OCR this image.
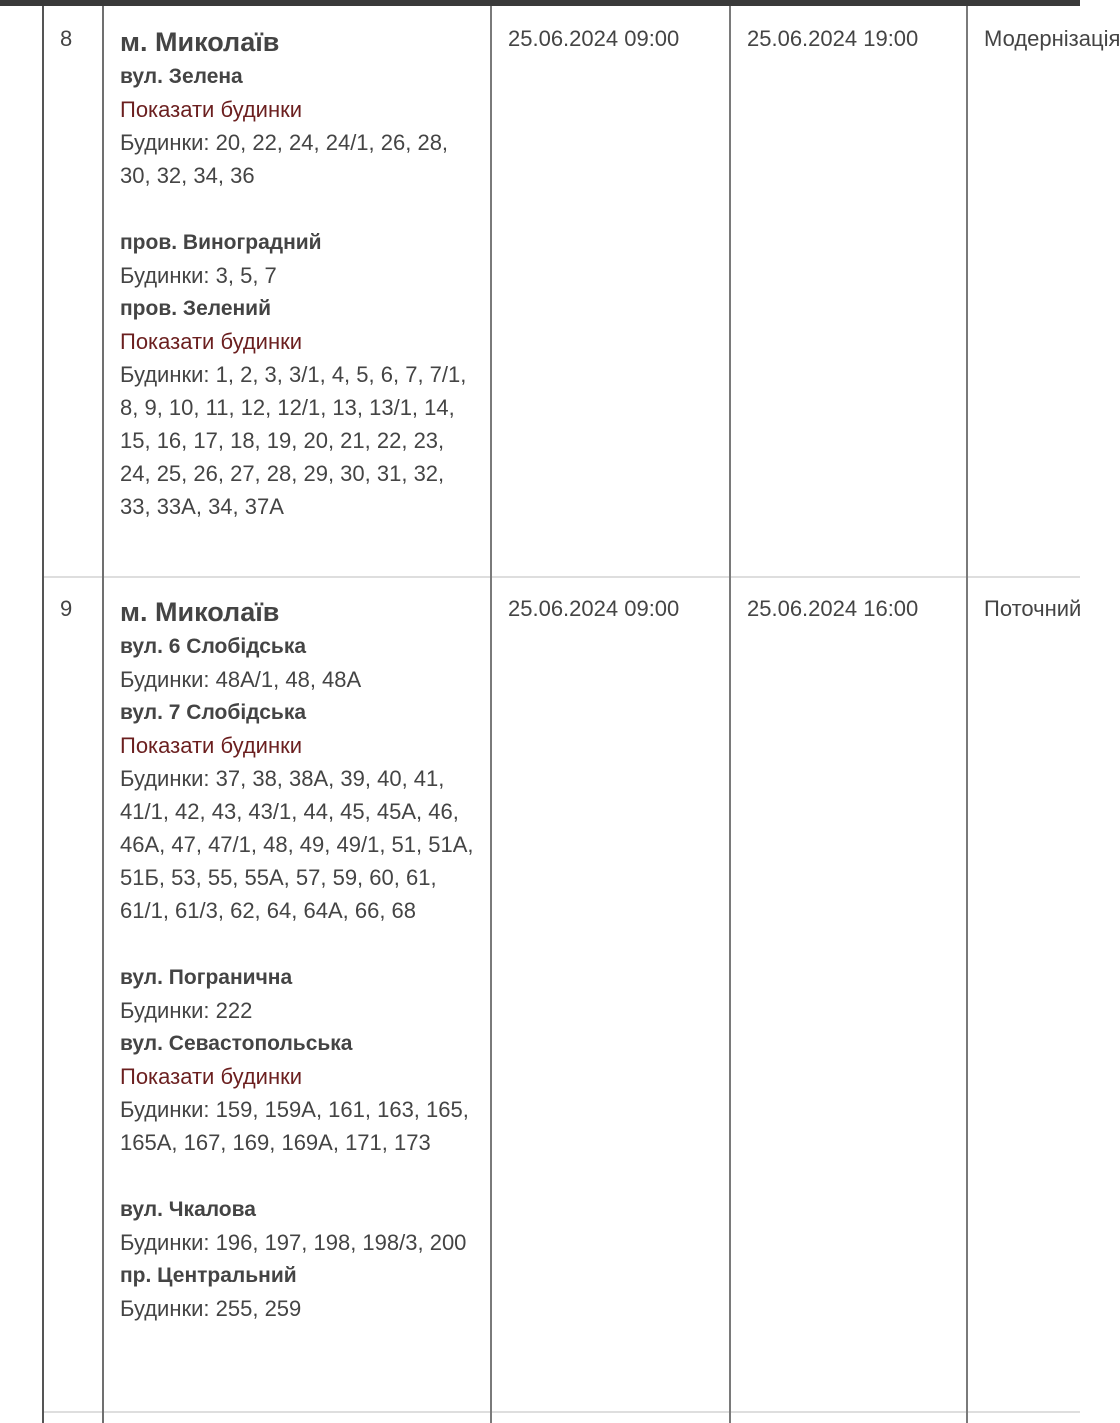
8 м. Миколаїв
вул. Зелена
Показати будинки
Будинки: 20, 22, 24, 24/1, 26, 28, 30, 32, 34, 36
пров. Виноградний
Будинки: 3, 5, 7
пров. Зелений
Показати будинки
Будинки: 1, 2, 3, 3/1, 4, 5, 6, 7, 7/1, 8, 9, 10, 11, 12, 12/1, 13, 13/1, 14, 15, 16, 17, 18, 19, 20, 21, 22, 23, 24, 25, 26, 27, 28, 29, 30, 31, 32, 33, 33А, 34, 37А
25.06.2024 09:00	25.06.2024 19:00	Модернізація
9 м. Миколаїв
вул. 6 Слобідська
Будинки: 48А/1, 48, 48А
вул. 7 Слобідська
Показати будинки
Будинки: 37, 38, 38А, 39, 40, 41, 41/1, 42, 43, 43/1, 44, 45, 45А, 46, 46А, 47, 47/1, 48, 49, 49/1, 51, 51А, 51Б, 53, 55, 55А, 57, 59, 60, 61, 61/1, 61/3, 62, 64, 64А, 66, 68
вул. Погранична
Будинки: 222
вул. Севастопольська
Показати будинки
Будинки: 159, 159А, 161, 163, 165, 165А, 167, 169, 169А, 171, 173
вул. Чкалова
Будинки: 196, 197, 198, 198/3, 200
пр. Центральний
Будинки: 255, 259
25.06.2024 09:00	25.06.2024 16:00	Поточний
